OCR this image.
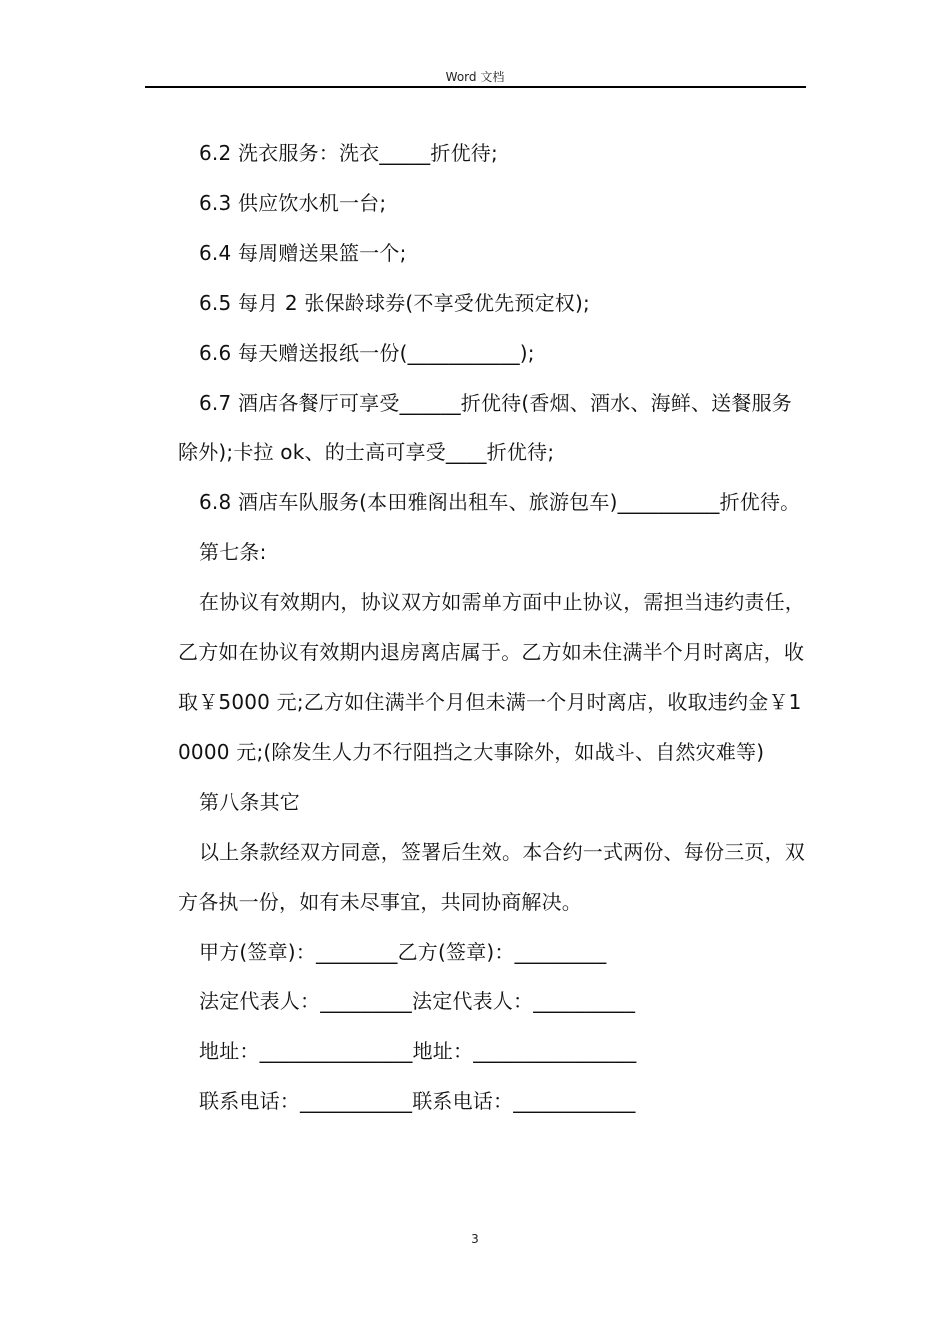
Word 文档

6.2 洗衣服务：洗衣_____折优待;

6.3 供应饮水机一台;

6.4 每周赠送果篮一个;

6.5 每月 2 张保龄球券(不享受优先预定权);

6.6 每天赠送报纸一份(___________);

6.7 酒店各餐厅可享受______折优待(香烟、酒水、海鲜、送餐服务除外);卡拉 ok、的士高可享受____折优待;

6.8 酒店车队服务(本田雅阁出租车、旅游包车)__________折优待。

第七条:

在协议有效期内，协议双方如需单方面中止协议，需担当违约责任，乙方如在协议有效期内退房离店属于。乙方如未住满半个月时离店，收取￥5000 元;乙方如住满半个月但未满一个月时离店，收取违约金￥10000 元;(除发生人力不行阻挡之大事除外，如战斗、自然灾难等)

第八条其它

以上条款经双方同意，签署后生效。本合约一式两份、每份三页，双方各执一份，如有未尽事宜，共同协商解决。

甲方(签章)：________乙方(签章)：_________

法定代表人：_________法定代表人：__________

地址：_______________地址：________________

联系电话：___________联系电话：____________

3
